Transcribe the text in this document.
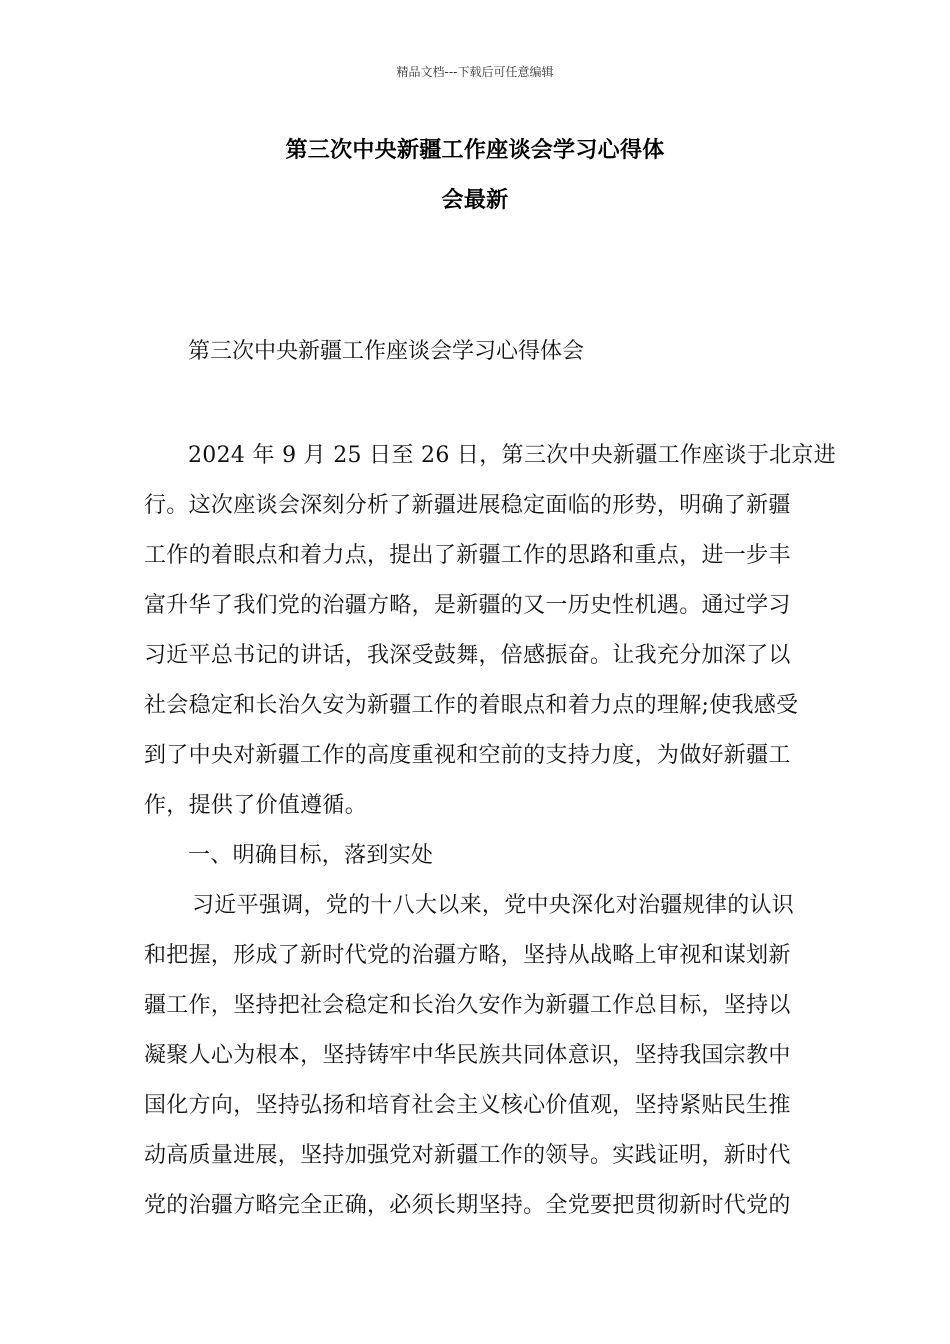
精品文档---下载后可任意编辑
第三次中央新疆工作座谈会学习心得体
会最新
第三次中央新疆工作座谈会学习心得体会
2024 年 9 月 25 日至 26 日，第三次中央新疆工作座谈于北京进
行。这次座谈会深刻分析了新疆进展稳定面临的形势，明确了新疆
工作的着眼点和着力点，提出了新疆工作的思路和重点，进一步丰
富升华了我们党的治疆方略，是新疆的又一历史性机遇。通过学习
习近平总书记的讲话，我深受鼓舞，倍感振奋。让我充分加深了以
社会稳定和长治久安为新疆工作的着眼点和着力点的理解;使我感受
到了中央对新疆工作的高度重视和空前的支持力度，为做好新疆工
作，提供了价值遵循。
一、明确目标，落到实处
习近平强调，党的十八大以来，党中央深化对治疆规律的认识
和把握，形成了新时代党的治疆方略，坚持从战略上审视和谋划新
疆工作，坚持把社会稳定和长治久安作为新疆工作总目标，坚持以
凝聚人心为根本，坚持铸牢中华民族共同体意识，坚持我国宗教中
国化方向，坚持弘扬和培育社会主义核心价值观，坚持紧贴民生推
动高质量进展，坚持加强党对新疆工作的领导。实践证明，新时代
党的治疆方略完全正确，必须长期坚持。全党要把贯彻新时代党的
